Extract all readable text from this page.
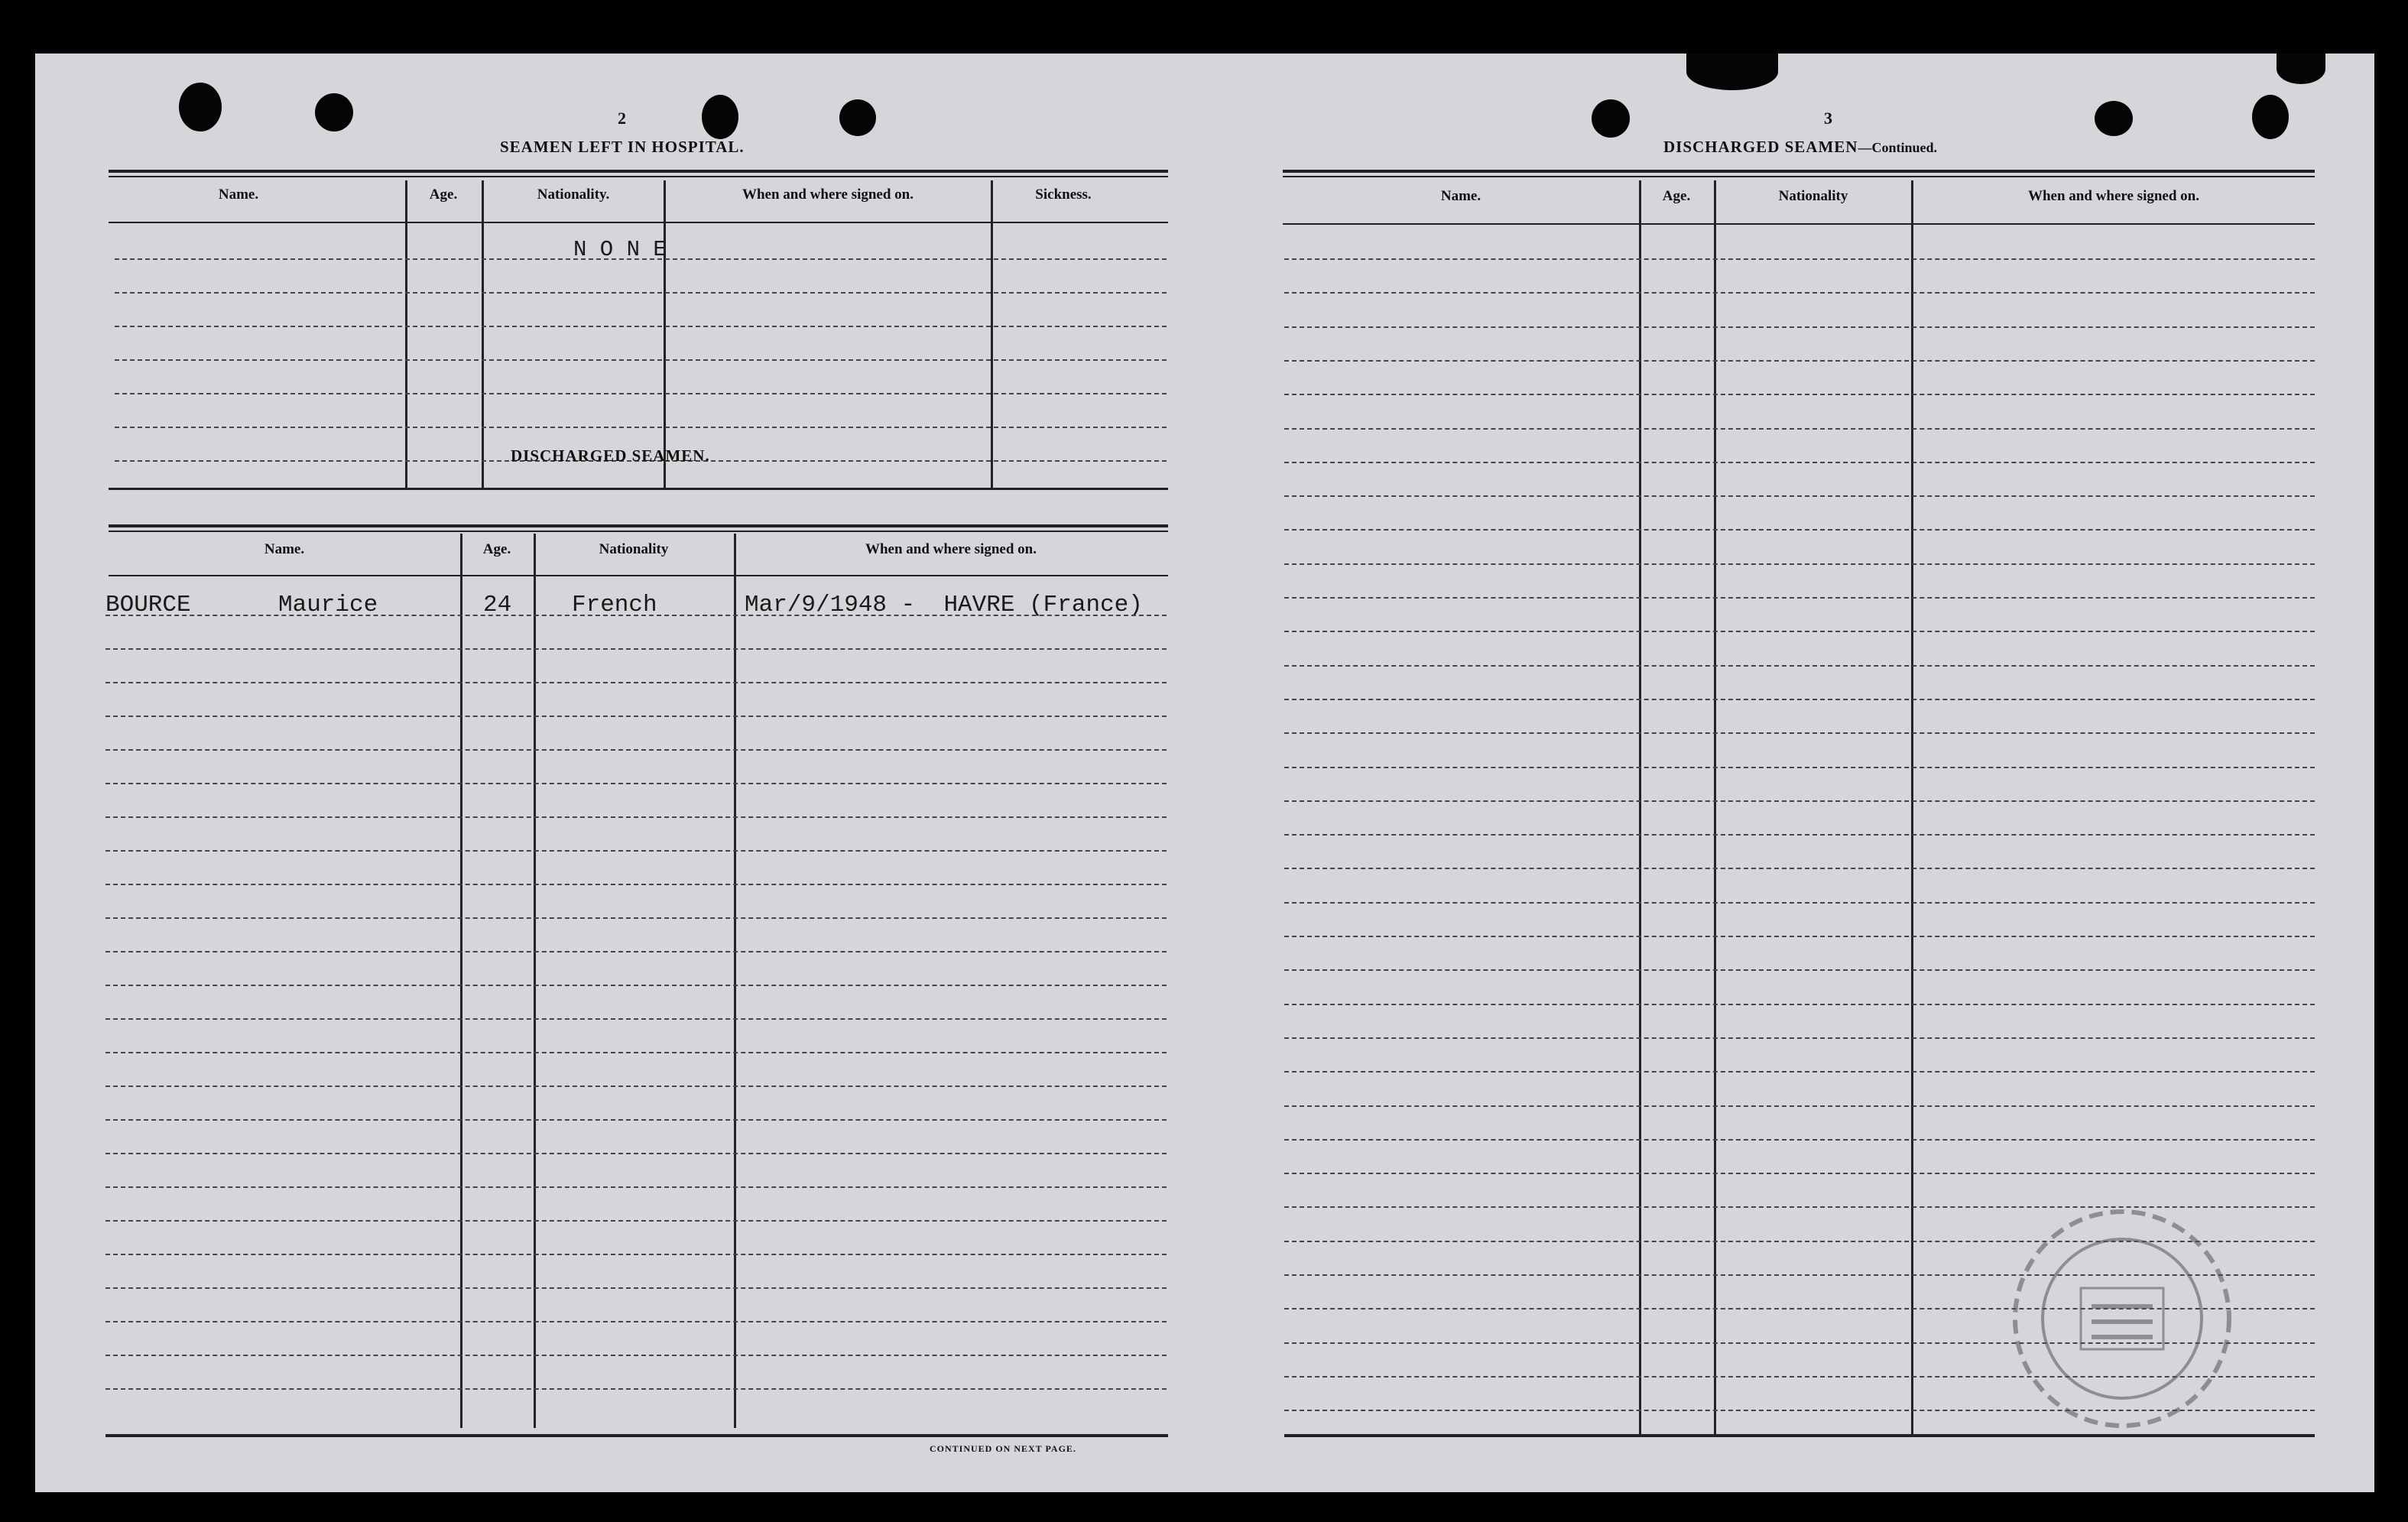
2
SEAMEN LEFT IN HOSPITAL.
Name.	Age.	Nationality.	When and where signed on.	Sickness.
N O N E
DISCHARGED SEAMEN.
Name.	Age.	Nationality	When and where signed on.
BOURCE	Maurice	24	French	Mar/9/1948 -  HAVRE (France)
CONTINUED ON NEXT PAGE.
3
DISCHARGED SEAMEN—Continued.
Name.	Age.	Nationality	When and where signed on.
